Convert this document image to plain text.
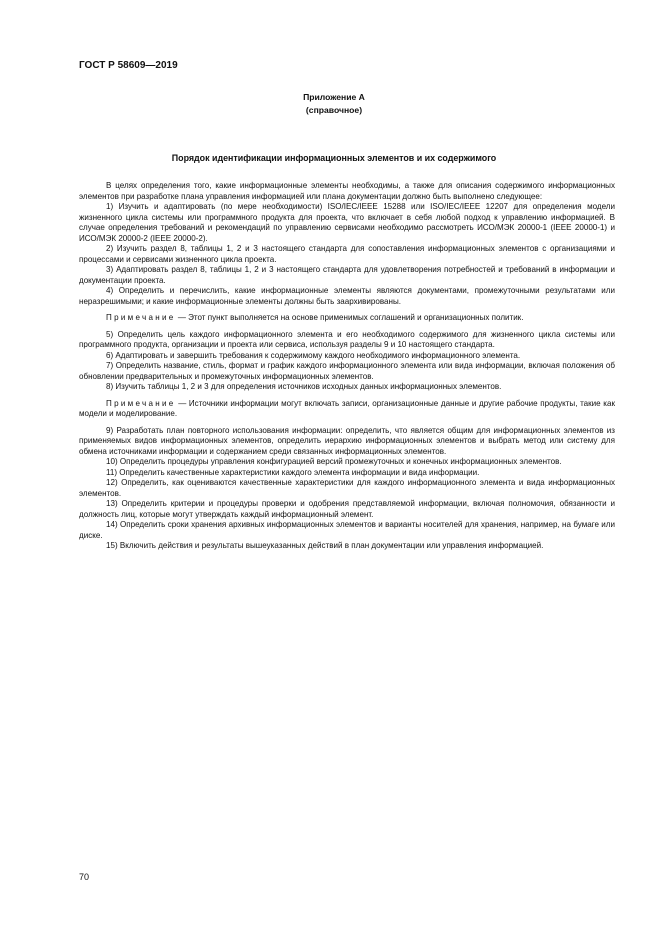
ГОСТ Р 58609—2019
Приложение А
(справочное)
Порядок идентификации информационных элементов и их содержимого

В целях определения того, какие информационные элементы необходимы, а также для описания содержимого информационных элементов при разработке плана управления информацией или плана документации должно быть выполнено следующее:

1) Изучить и адаптировать (по мере необходимости) ISO/IEC/IEEE 15288 или ISO/IEC/IEEE 12207 для определения модели жизненного цикла системы или программного продукта для проекта, что включает в себя любой подход к управлению информацией. В случае определения требований и рекомендаций по управлению сервисами необходимо рассмотреть ИСО/МЭК 20000-1 (IEEE 20000-1) и ИСО/МЭК 20000-2 (IEEE 20000-2).

2) Изучить раздел 8, таблицы 1, 2 и 3 настоящего стандарта для сопоставления информационных элементов с организациями и процессами и сервисами жизненного цикла проекта.

3) Адаптировать раздел 8, таблицы 1, 2 и 3 настоящего стандарта для удовлетворения потребностей и требований в информации и документации проекта.

4) Определить и перечислить, какие информационные элементы являются документами, промежуточными результатами или неразрешимыми; и какие информационные элементы должны быть заархивированы.

Примечание — Этот пункт выполняется на основе применимых соглашений и организационных политик.

5) Определить цель каждого информационного элемента и его необходимого содержимого для жизненного цикла системы или программного продукта, организации и проекта или сервиса, используя разделы 9 и 10 настоящего стандарта.

6) Адаптировать и завершить требования к содержимому каждого необходимого информационного элемента.

7) Определить название, стиль, формат и график каждого информационного элемента или вида информации, включая положения об обновлении предварительных и промежуточных информационных элементов.

8) Изучить таблицы 1, 2 и 3 для определения источников исходных данных информационных элементов.

Примечание — Источники информации могут включать записи, организационные данные и другие рабочие продукты, такие как модели и моделирование.

9) Разработать план повторного использования информации: определить, что является общим для информационных элементов из применяемых видов информационных элементов, определить иерархию информационных элементов и выбрать метод или систему для обмена источниками информации и содержанием среди связанных информационных элементов.

10) Определить процедуры управления конфигурацией версий промежуточных и конечных информационных элементов.

11) Определить качественные характеристики каждого элемента информации и вида информации.

12) Определить, как оцениваются качественные характеристики для каждого информационного элемента и вида информационных элементов.

13) Определить критерии и процедуры проверки и одобрения представляемой информации, включая полномочия, обязанности и должность лиц, которые могут утверждать каждый информационный элемент.

14) Определить сроки хранения архивных информационных элементов и варианты носителей для хранения, например, на бумаге или диске.

15) Включить действия и результаты вышеуказанных действий в план документации или управления информацией.

70
